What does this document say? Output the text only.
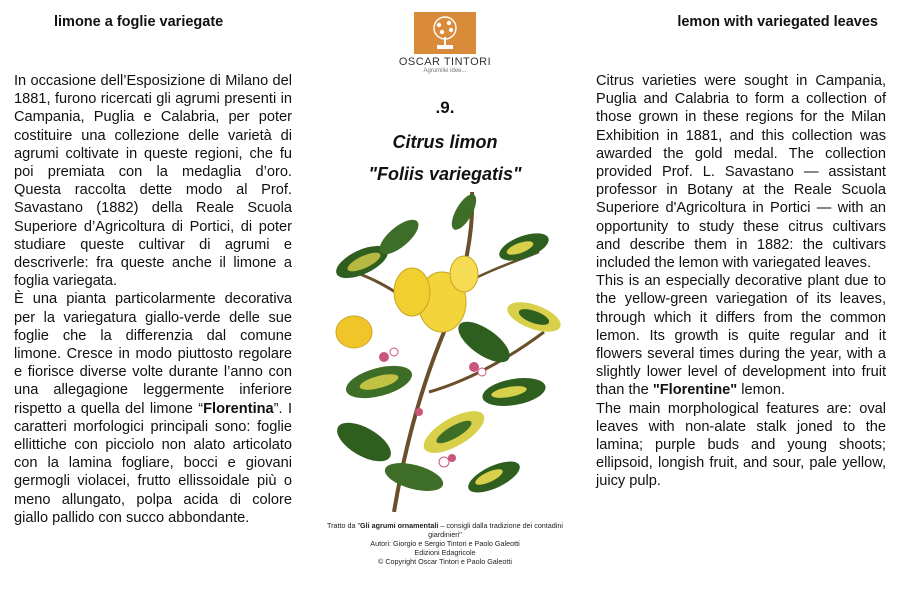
limone a foglie variegate

In occasione dell’Esposizione di Milano del 1881, furono ricercati gli agrumi presenti in Campania, Puglia e Calabria, per poter costituire una collezione delle varietà di agrumi coltivate in queste regioni, che fu poi premiata con la medaglia d’oro. Questa raccolta dette modo al Prof. Savastano (1882) della Reale Scuola Superiore d’Agricoltura di Portici, di poter studiare queste cultivar di agrumi e descriverle: fra queste anche il limone a foglia variegata.

È una pianta particolarmente decorativa per la variegatura giallo-verde delle sue foglie che la differenzia dal comune limone. Cresce in modo piuttosto regolare e fiorisce diverse volte durante l’anno con una allegagione leggermente inferiore rispetto a quella del limone “Florentina”. I caratteri morfologici principali sono: foglie ellittiche con picciolo non alato articolato con la lamina fogliare, bocci e giovani germogli violacei, frutto ellissoidale più o meno allungato, polpa acida di colore giallo pallido con succo abbondante.

OSCAR TINTORI
Agrumilie idee...
.9.
Citrus limon
"Foliis variegatis"
Tratto da "Gli agrumi ornamentali – consigli dalla tradizione dei contadini giardinieri"
Autori: Giorgio e Sergio Tintori e Paolo Galeotti
Edizioni Edagricole
© Copyright Oscar Tintori e Paolo Galeotti
lemon with variegated leaves

Citrus varieties were sought in Campania, Puglia and Calabria to form a collection of those grown in these regions for the Milan Exhibition in 1881, and this collection was awarded the gold medal. The collection provided Prof. L. Savastano — assistant professor in Botany at the Reale Scuola Superiore d'Agricoltura in Portici — with an opportunity to study these citrus cultivars and describe them in 1882: the cultivars included the lemon with variegated leaves.

This is an especially decorative plant due to the yellow-green variegation of its leaves, through which it differs from the common lemon. Its growth is quite regular and it flowers several times during the year, with a slightly lower level of development into fruit than the "Florentine" lemon.

The main morphological features are: oval leaves with non-alate stalk joned to the lamina; purple buds and young shoots; ellipsoid, longish fruit, and sour, pale yellow, juicy pulp.
